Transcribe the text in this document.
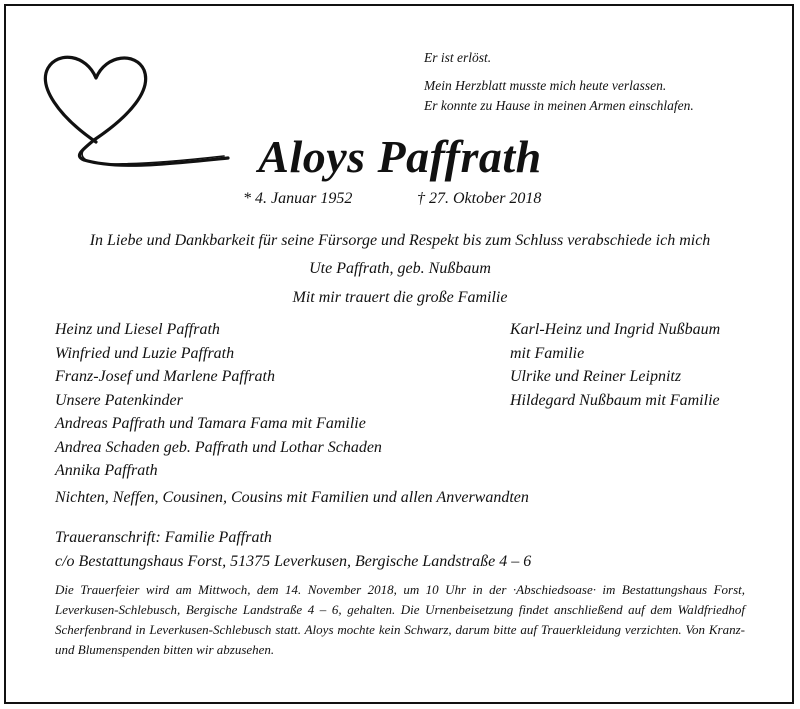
Er ist erlöst.
Mein Herzblatt musste mich heute verlassen.
Er konnte zu Hause in meinen Armen einschlafen.
Aloys Paffrath
* 4. Januar 1952	† 27. Oktober 2018
In Liebe und Dankbarkeit für seine Fürsorge und Respekt bis zum Schluss verabschiede ich mich
Ute Paffrath, geb. Nußbaum
Mit mir trauert die große Familie
Heinz und Liesel Paffrath
Winfried und Luzie Paffrath
Franz-Josef und Marlene Paffrath
Unsere Patenkinder
Andreas Paffrath und Tamara Fama mit Familie
Andrea Schaden geb. Paffrath und Lothar Schaden
Annika Paffrath
Karl-Heinz und Ingrid Nußbaum
mit Familie
Ulrike und Reiner Leipnitz
Hildegard Nußbaum mit Familie
Nichten, Neffen, Cousinen, Cousins mit Familien und allen Anverwandten
Traueranschrift: Familie Paffrath
c/o Bestattungshaus Forst, 51375 Leverkusen, Bergische Landstraße 4 – 6
Die Trauerfeier wird am Mittwoch, dem 14. November 2018, um 10 Uhr in der ·Abschiedsoase· im Bestattungshaus Forst, Leverkusen-Schlebusch, Bergische Landstraße 4 – 6, gehalten. Die Urnenbeisetzung findet anschließend auf dem Waldfriedhof Scherfenbrand in Leverkusen-Schlebusch statt. Aloys mochte kein Schwarz, darum bitte auf Trauerkleidung verzichten. Von Kranz- und Blumenspenden bitten wir abzusehen.
